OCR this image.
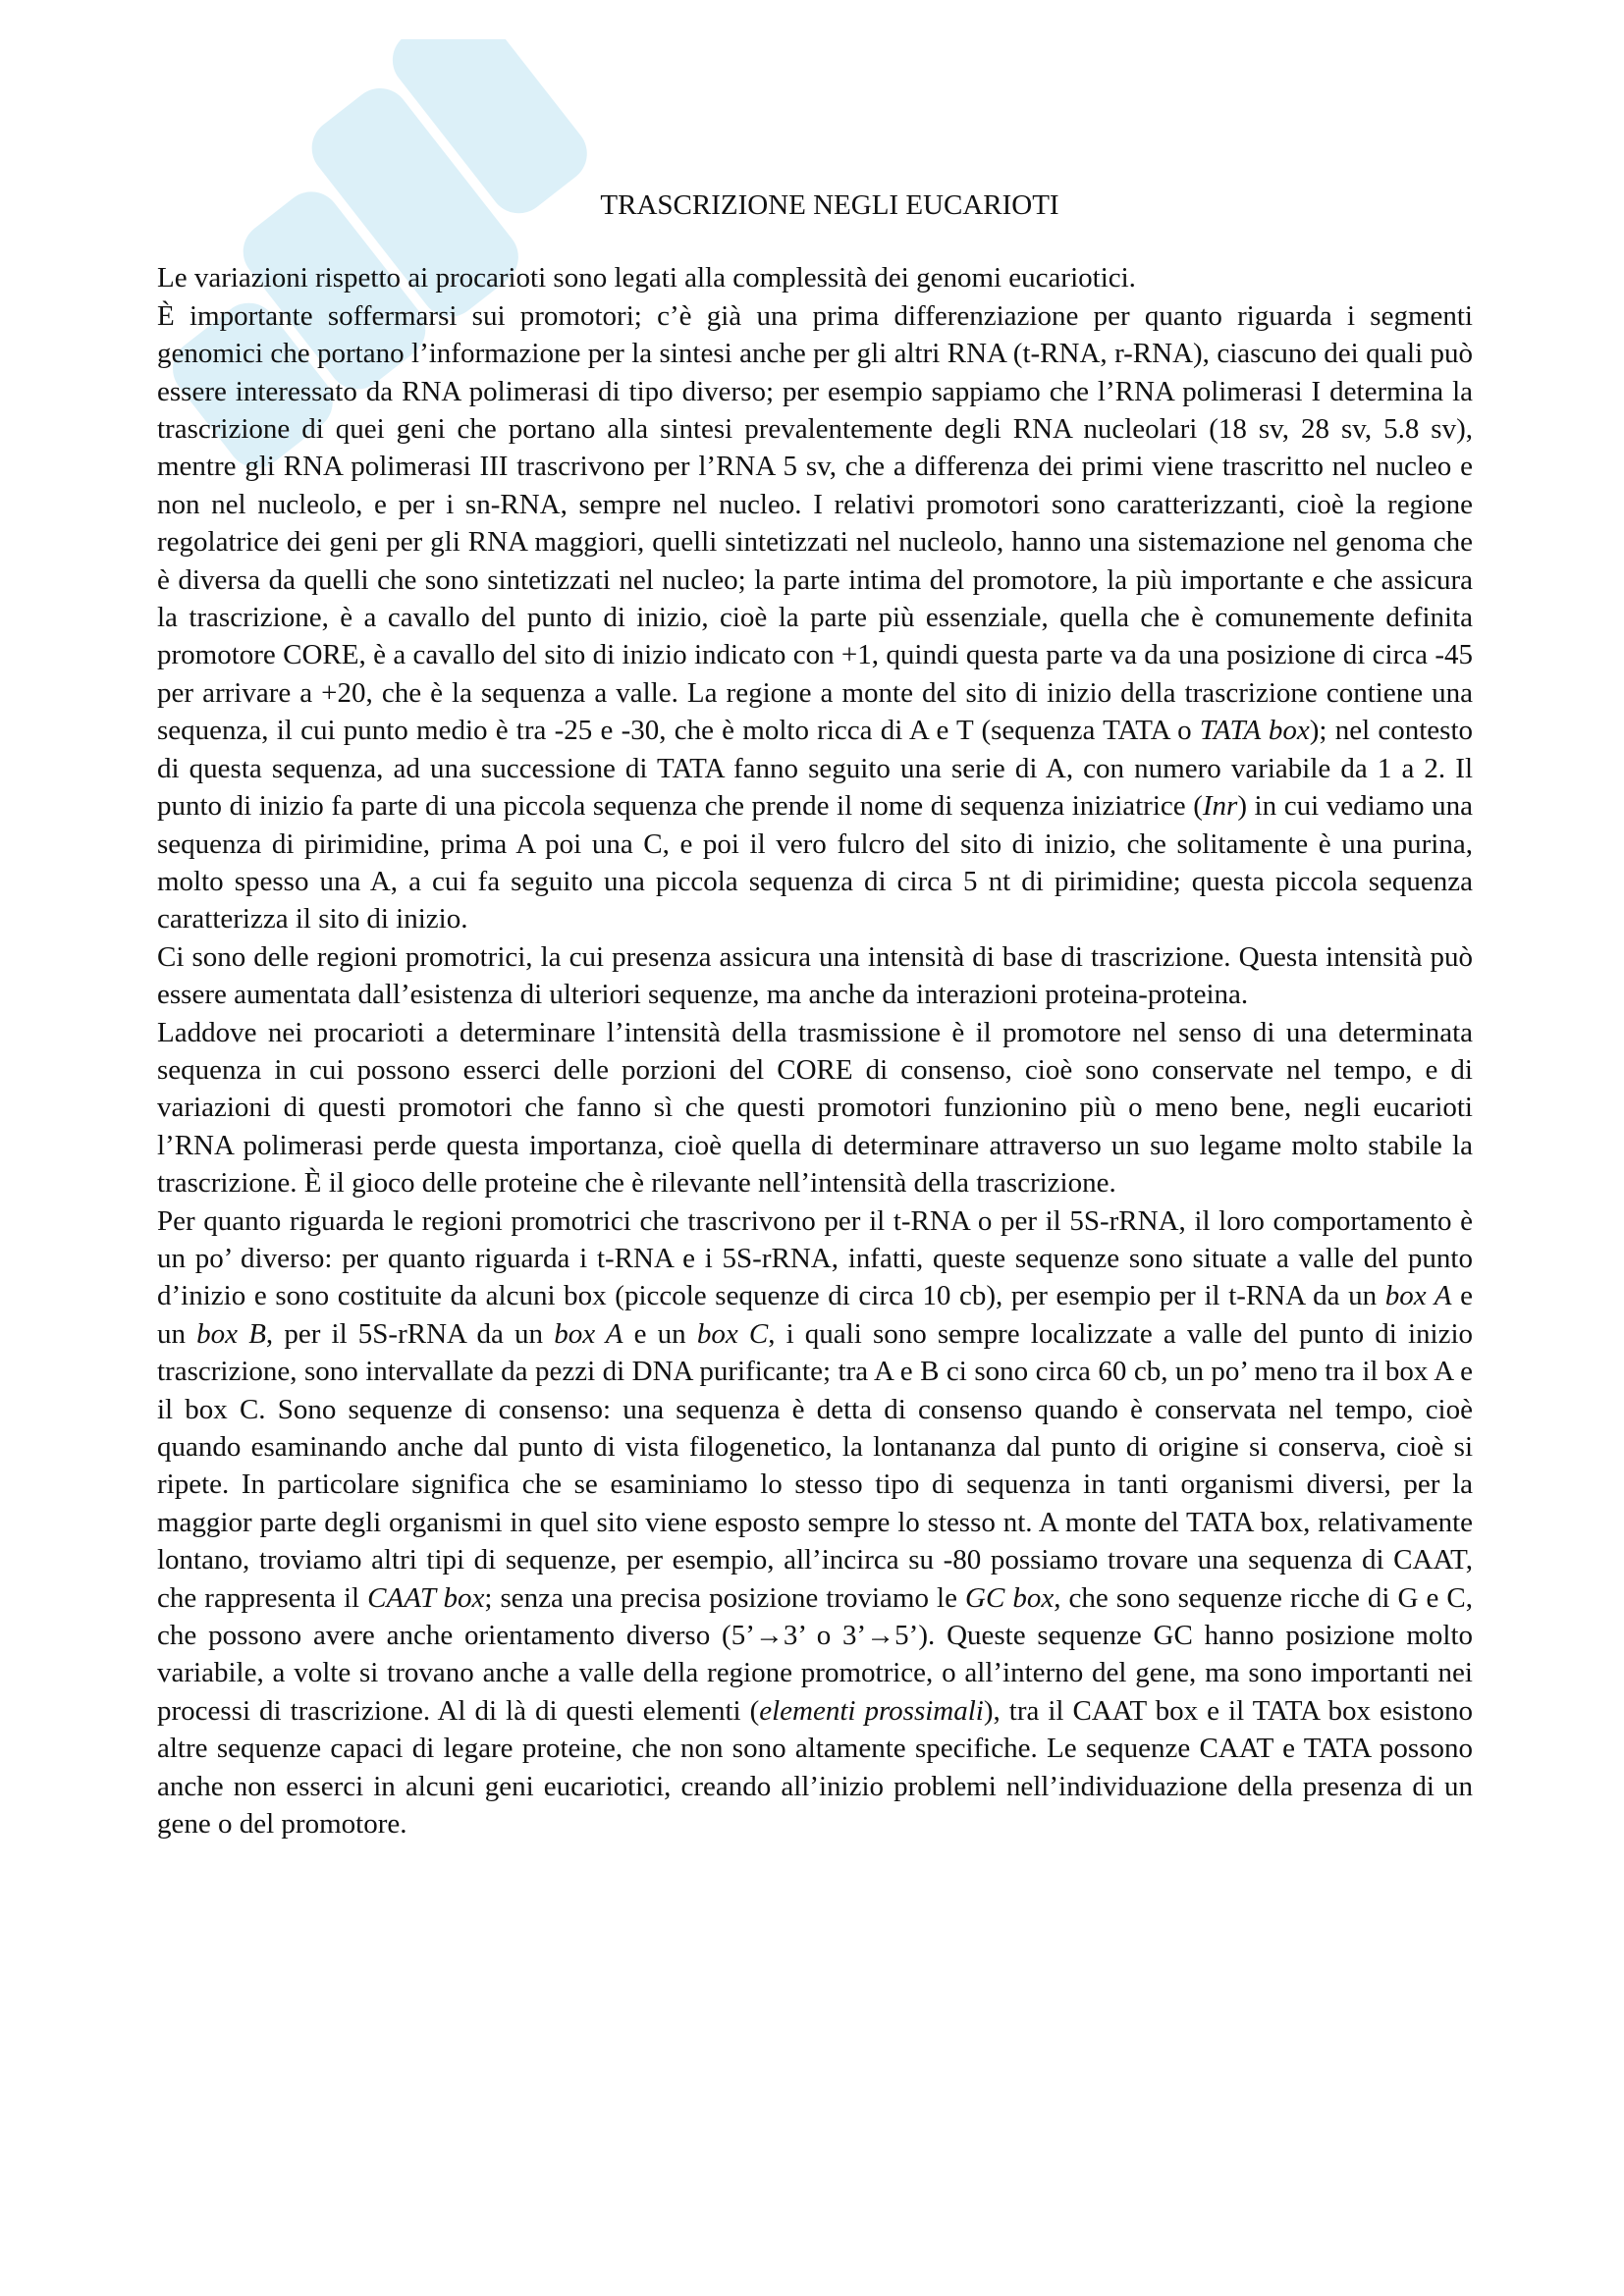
TRASCRIZIONE NEGLI EUCARIOTI

Le variazioni rispetto ai procarioti sono legati alla complessità dei genomi eucariotici.

È importante soffermarsi sui promotori; c’è già una prima differenziazione per quanto riguarda i segmenti genomici che portano l’informazione per la sintesi anche per gli altri RNA (t-RNA, r-RNA), ciascuno dei quali può essere interessato da RNA polimerasi di tipo diverso; per esempio sappiamo che l’RNA polimerasi I determina la trascrizione di quei geni che portano alla sintesi prevalentemente degli RNA nucleolari (18 sv, 28 sv, 5.8 sv), mentre gli RNA polimerasi III trascrivono per l’RNA 5 sv, che a differenza dei primi viene trascritto nel nucleo e non nel nucleolo, e per i sn-RNA, sempre nel nucleo. I relativi promotori sono caratterizzanti, cioè la regione regolatrice dei geni per gli RNA maggiori, quelli sintetizzati nel nucleolo, hanno una sistemazione nel genoma che è diversa da quelli che sono sintetizzati nel nucleo; la parte intima del promotore, la più importante e che assicura la trascrizione, è a cavallo del punto di inizio, cioè la parte più essenziale, quella che è comunemente definita promotore CORE, è a cavallo del sito di inizio indicato con +1, quindi questa parte va da una posizione di circa -45 per arrivare a +20, che è la sequenza a valle. La regione a monte del sito di inizio della trascrizione contiene una sequenza, il cui punto medio è tra -25 e -30, che è molto ricca di A e T (sequenza TATA o TATA box); nel contesto di questa sequenza, ad una successione di TATA fanno seguito una serie di A, con numero variabile da 1 a 2. Il punto di inizio fa parte di una piccola sequenza che prende il nome di sequenza iniziatrice (Inr) in cui vediamo una sequenza di pirimidine, prima A poi una C, e poi il vero fulcro del sito di inizio, che solitamente è una purina, molto spesso una A, a cui fa seguito una piccola sequenza di circa 5 nt di pirimidine; questa piccola sequenza caratterizza il sito di inizio.

Ci sono delle regioni promotrici, la cui presenza assicura una intensità di base di trascrizione. Questa intensità può essere aumentata dall’esistenza di ulteriori sequenze, ma anche da interazioni proteina-proteina.

Laddove nei procarioti a determinare l’intensità della trasmissione è il promotore nel senso di una determinata sequenza in cui possono esserci delle porzioni del CORE di consenso, cioè sono conservate nel tempo, e di variazioni di questi promotori che fanno sì che questi promotori funzionino più o meno bene, negli eucarioti l’RNA polimerasi perde questa importanza, cioè quella di determinare attraverso un suo legame molto stabile la trascrizione. È il gioco delle proteine che è rilevante nell’intensità della trascrizione.

Per quanto riguarda le regioni promotrici che trascrivono per il t-RNA o per il 5S-rRNA, il loro comportamento è un po’ diverso: per quanto riguarda i t-RNA e i 5S-rRNA, infatti, queste sequenze sono situate a valle del punto d’inizio e sono costituite da alcuni box (piccole sequenze di circa 10 cb), per esempio per il t-RNA da un box A e un box B, per il 5S-rRNA da un box A e un box C, i quali sono sempre localizzate a valle del punto di inizio trascrizione, sono intervallate da pezzi di DNA purificante; tra A e B ci sono circa 60 cb, un po’ meno tra il box A e il box C. Sono sequenze di consenso: una sequenza è detta di consenso quando è conservata nel tempo, cioè quando esaminando anche dal punto di vista filogenetico, la lontananza dal punto di origine si conserva, cioè si ripete. In particolare significa che se esaminiamo lo stesso tipo di sequenza in tanti organismi diversi, per la maggior parte degli organismi in quel sito viene esposto sempre lo stesso nt. A monte del TATA box, relativamente lontano, troviamo altri tipi di sequenze, per esempio, all’incirca su -80 possiamo trovare una sequenza di CAAT, che rappresenta il CAAT box; senza una precisa posizione troviamo le GC box, che sono sequenze ricche di G e C, che possono avere anche orientamento diverso (5’→3’ o 3’→5’). Queste sequenze GC hanno posizione molto variabile, a volte si trovano anche a valle della regione promotrice, o all’interno del gene, ma sono importanti nei processi di trascrizione. Al di là di questi elementi (elementi prossimali), tra il CAAT box e il TATA box esistono altre sequenze capaci di legare proteine, che non sono altamente specifiche. Le sequenze CAAT e TATA possono anche non esserci in alcuni geni eucariotici, creando all’inizio problemi nell’individuazione della presenza di un gene o del promotore.
